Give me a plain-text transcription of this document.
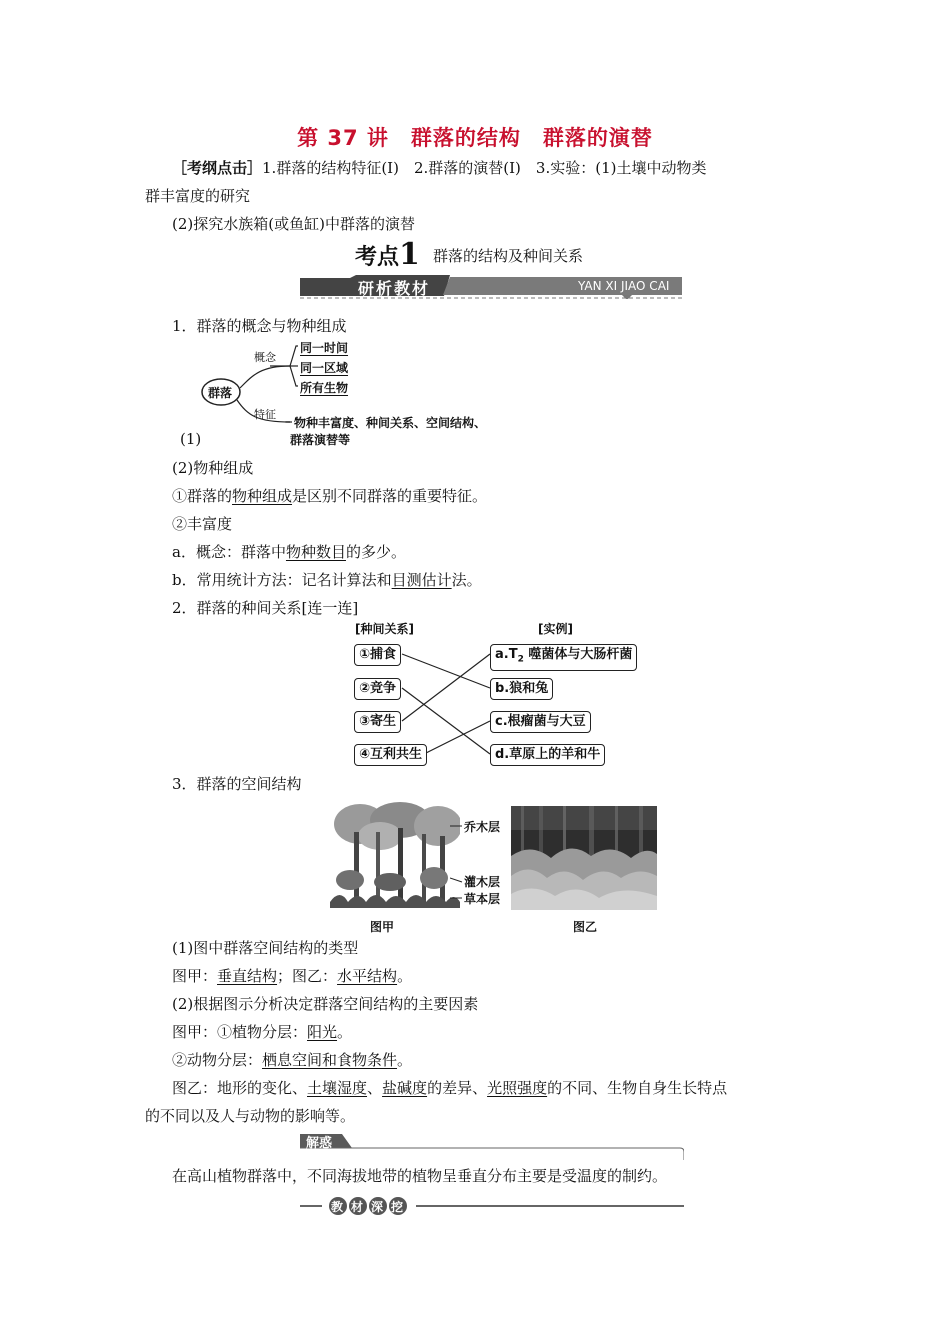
第 37 讲　群落的结构　群落的演替
［考纲点击］1.群落的结构特征(Ⅰ)　2.群落的演替(Ⅰ)　3.实验：(1)土壤中动物类
群丰富度的研究
(2)探究水族箱(或鱼缸)中群落的演替
考点1 群落的结构及种间关系
研析教材	YAN XI JIAO CAI
1．群落的概念与物种组成
群落
概念
特征
同一时间
同一区域
所有生物
物种丰富度、种间关系、空间结构、
群落演替等
(1)
(2)物种组成
①群落的物种组成是区别不同群落的重要特征。
②丰富度
a．概念：群落中物种数目的多少。
b．常用统计方法：记名计算法和目测估计法。
2．群落的种间关系[连一连]
[种间关系]	[实例]
①捕食
②竞争
③寄生
④互利共生
$a.T_2$ 噬菌体与大肠杆菌
b.狼和兔
c.根瘤菌与大豆
d.草原上的羊和牛
3．群落的空间结构
乔木层
灌木层
草本层
图甲	图乙
(1)图中群落空间结构的类型
图甲：垂直结构；图乙：水平结构。
(2)根据图示分析决定群落空间结构的主要因素
图甲：①植物分层：阳光。
②动物分层：栖息空间和食物条件。
图乙：地形的变化、土壤湿度、盐碱度的差异、光照强度的不同、生物自身生长特点
的不同以及人与动物的影响等。
解惑
在高山植物群落中，不同海拔地带的植物呈垂直分布主要是受温度的制约。
教 材 深 挖
